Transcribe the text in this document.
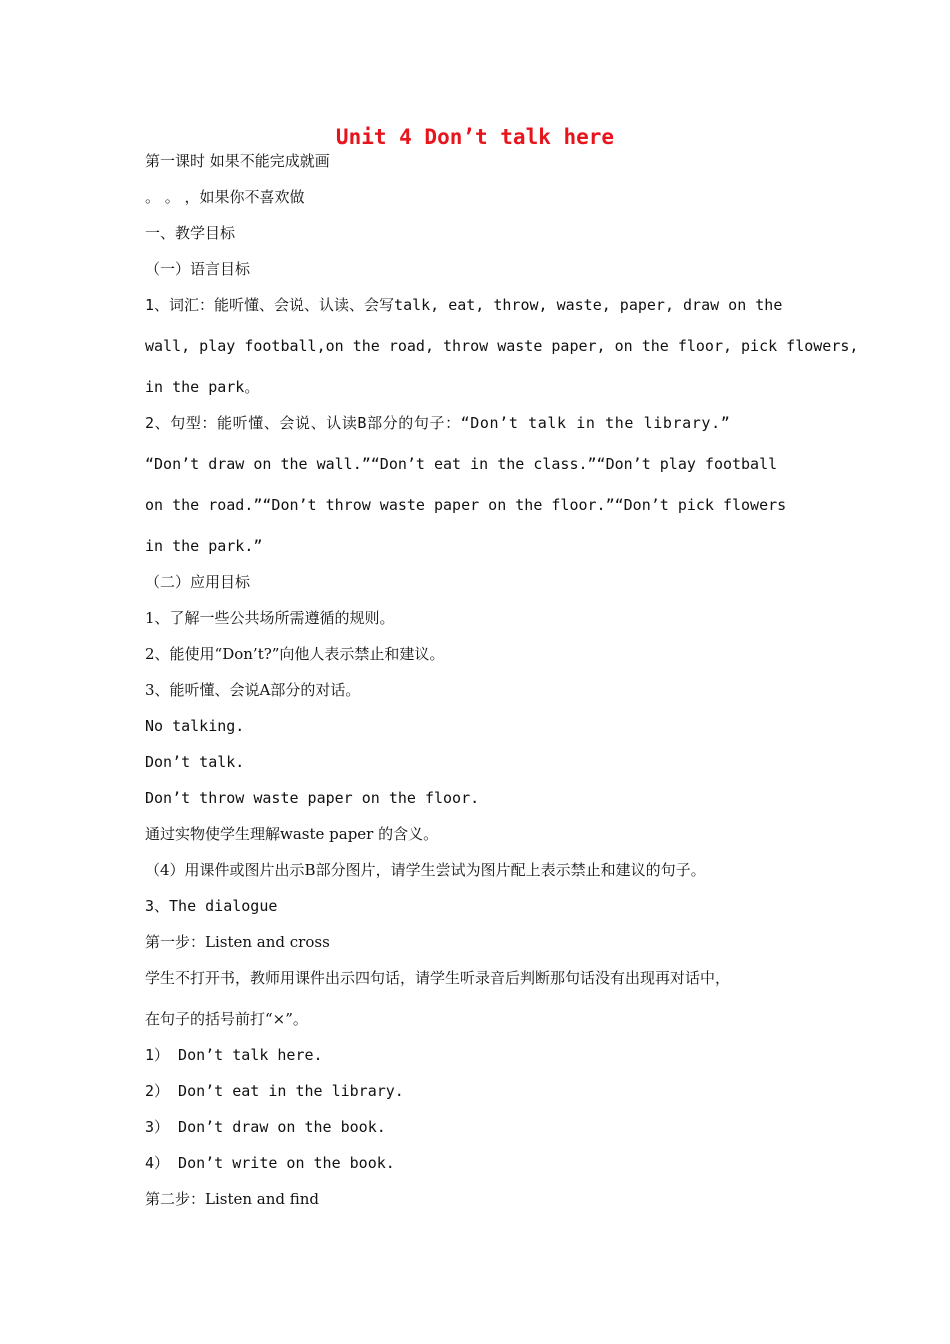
Unit 4 Don’t talk here
第一课时 如果不能完成就画
。 。 ，如果你不喜欢做
一、教学目标
（一）语言目标
1、词汇：能听懂、会说、认读、会写talk, eat, throw, waste, paper, draw on the
wall, play football,on the road, throw waste paper, on the floor, pick flowers,
in the park。
2、句型：能听懂、会说、认读B部分的句子：“Don’t talk in the library.”
“Don’t draw on the wall.”“Don’t eat in the class.”“Don’t play football
on the road.”“Don’t throw waste paper on the floor.”“Don’t pick flowers
in the park.”
（二）应用目标
1、了解一些公共场所需遵循的规则。
2、能使用“Don’t?”向他人表示禁止和建议。
3、能听懂、会说A部分的对话。
No talking.
Don’t talk.
Don’t throw waste paper on the floor.
通过实物使学生理解waste paper 的含义。
（4）用课件或图片出示B部分图片，请学生尝试为图片配上表示禁止和建议的句子。
3、The dialogue
第一步：Listen and cross
学生不打开书，教师用课件出示四句话，请学生听录音后判断那句话没有出现再对话中，
在句子的括号前打“×”。
1） Don’t talk here.
2） Don’t eat in the library.
3） Don’t draw on the book.
4） Don’t write on the book.
第二步：Listen and find
